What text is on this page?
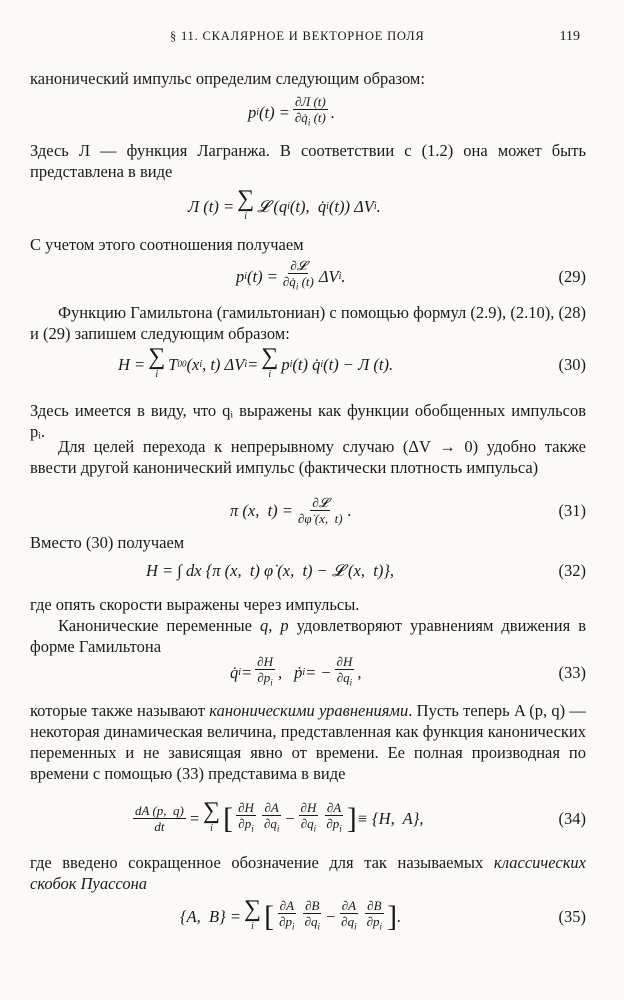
§ 11. СКАЛЯРНОЕ И ВЕКТОРНОЕ ПОЛЯ	119
канонический импульс определим следующим образом:
p i $(t) = \frac{\partial Л (t)}{\partial q̇_i (t)}$ .
Здесь Л — функция Лагранжа. В соответствии с (1.2) она может быть представлена в виде
Л (t) = ∑
i
𝓛 (q i (t),  q̇ i (t)) ΔV i .
С учетом этого соотношения получаем
p i $(t) = \frac{\text{∂𝓛}}{\partial q̇_i (t)}$ ΔV i .	(29)
Функцию Гамильтона (гамильтониан) с помощью формул (2.9), (2.10), (28) и (29) запишем следующим образом:
H = ∑
i
T 00 (x i , t) ΔV i = ∑
i
p i (t) q̇ i (t) − Л (t).	(30)
Здесь имеется в виду, что qᵢ выражены как функции обобщенных импульсов pᵢ.
Для целей перехода к непрерывному случаю (ΔV → 0) удобно также ввести другой канонический импульс (фактически плотность импульса)
π (x,  $t) = \frac{\text{∂𝓛}}{\partial\varphi̇ (x, t)}$ .	(31)
Вместо (30) получаем
H = ∫ dx {π (x,  t) φ̇ (x,  t) − 𝓛 (x,  t)},	(32)
где опять скорости выражены через импульсы.
Канонические переменные q, p удовлетворяют уравнениям движения в форме Гамильтона
q̇ $i = \frac{\partial H}{\partial p_i}$ ,
ṗ i = − $\frac{\partial H}{\partial q_i}$ ,	(33)
которые также называют каноническими уравнениями. Пусть теперь A (p, q) — некоторая динамическая величина, представленная как функция канонических переменных и не зависящая явно от времени. Ее полная производная по времени с помощью (33) представима в виде
$\frac{dA (p, q)}{dt}$ = ∑
i [ $\frac{\partial H}{\partial p_i} \frac{\partial A}{\partial q_i} - \frac{\partial H}{\partial q_i} \frac{\partial A}{\partial p_i}$ ] ≡ {H,  A},	(34)
где введено сокращенное обозначение для так называемых классических скобок Пуассона
{A,  B} = ∑
i [ $\frac{\partial A}{\partial p_i} \frac{\partial B}{\partial q_i} - \frac{\partial A}{\partial q_i} \frac{\partial B}{\partial p_i}$ ] .	(35)
